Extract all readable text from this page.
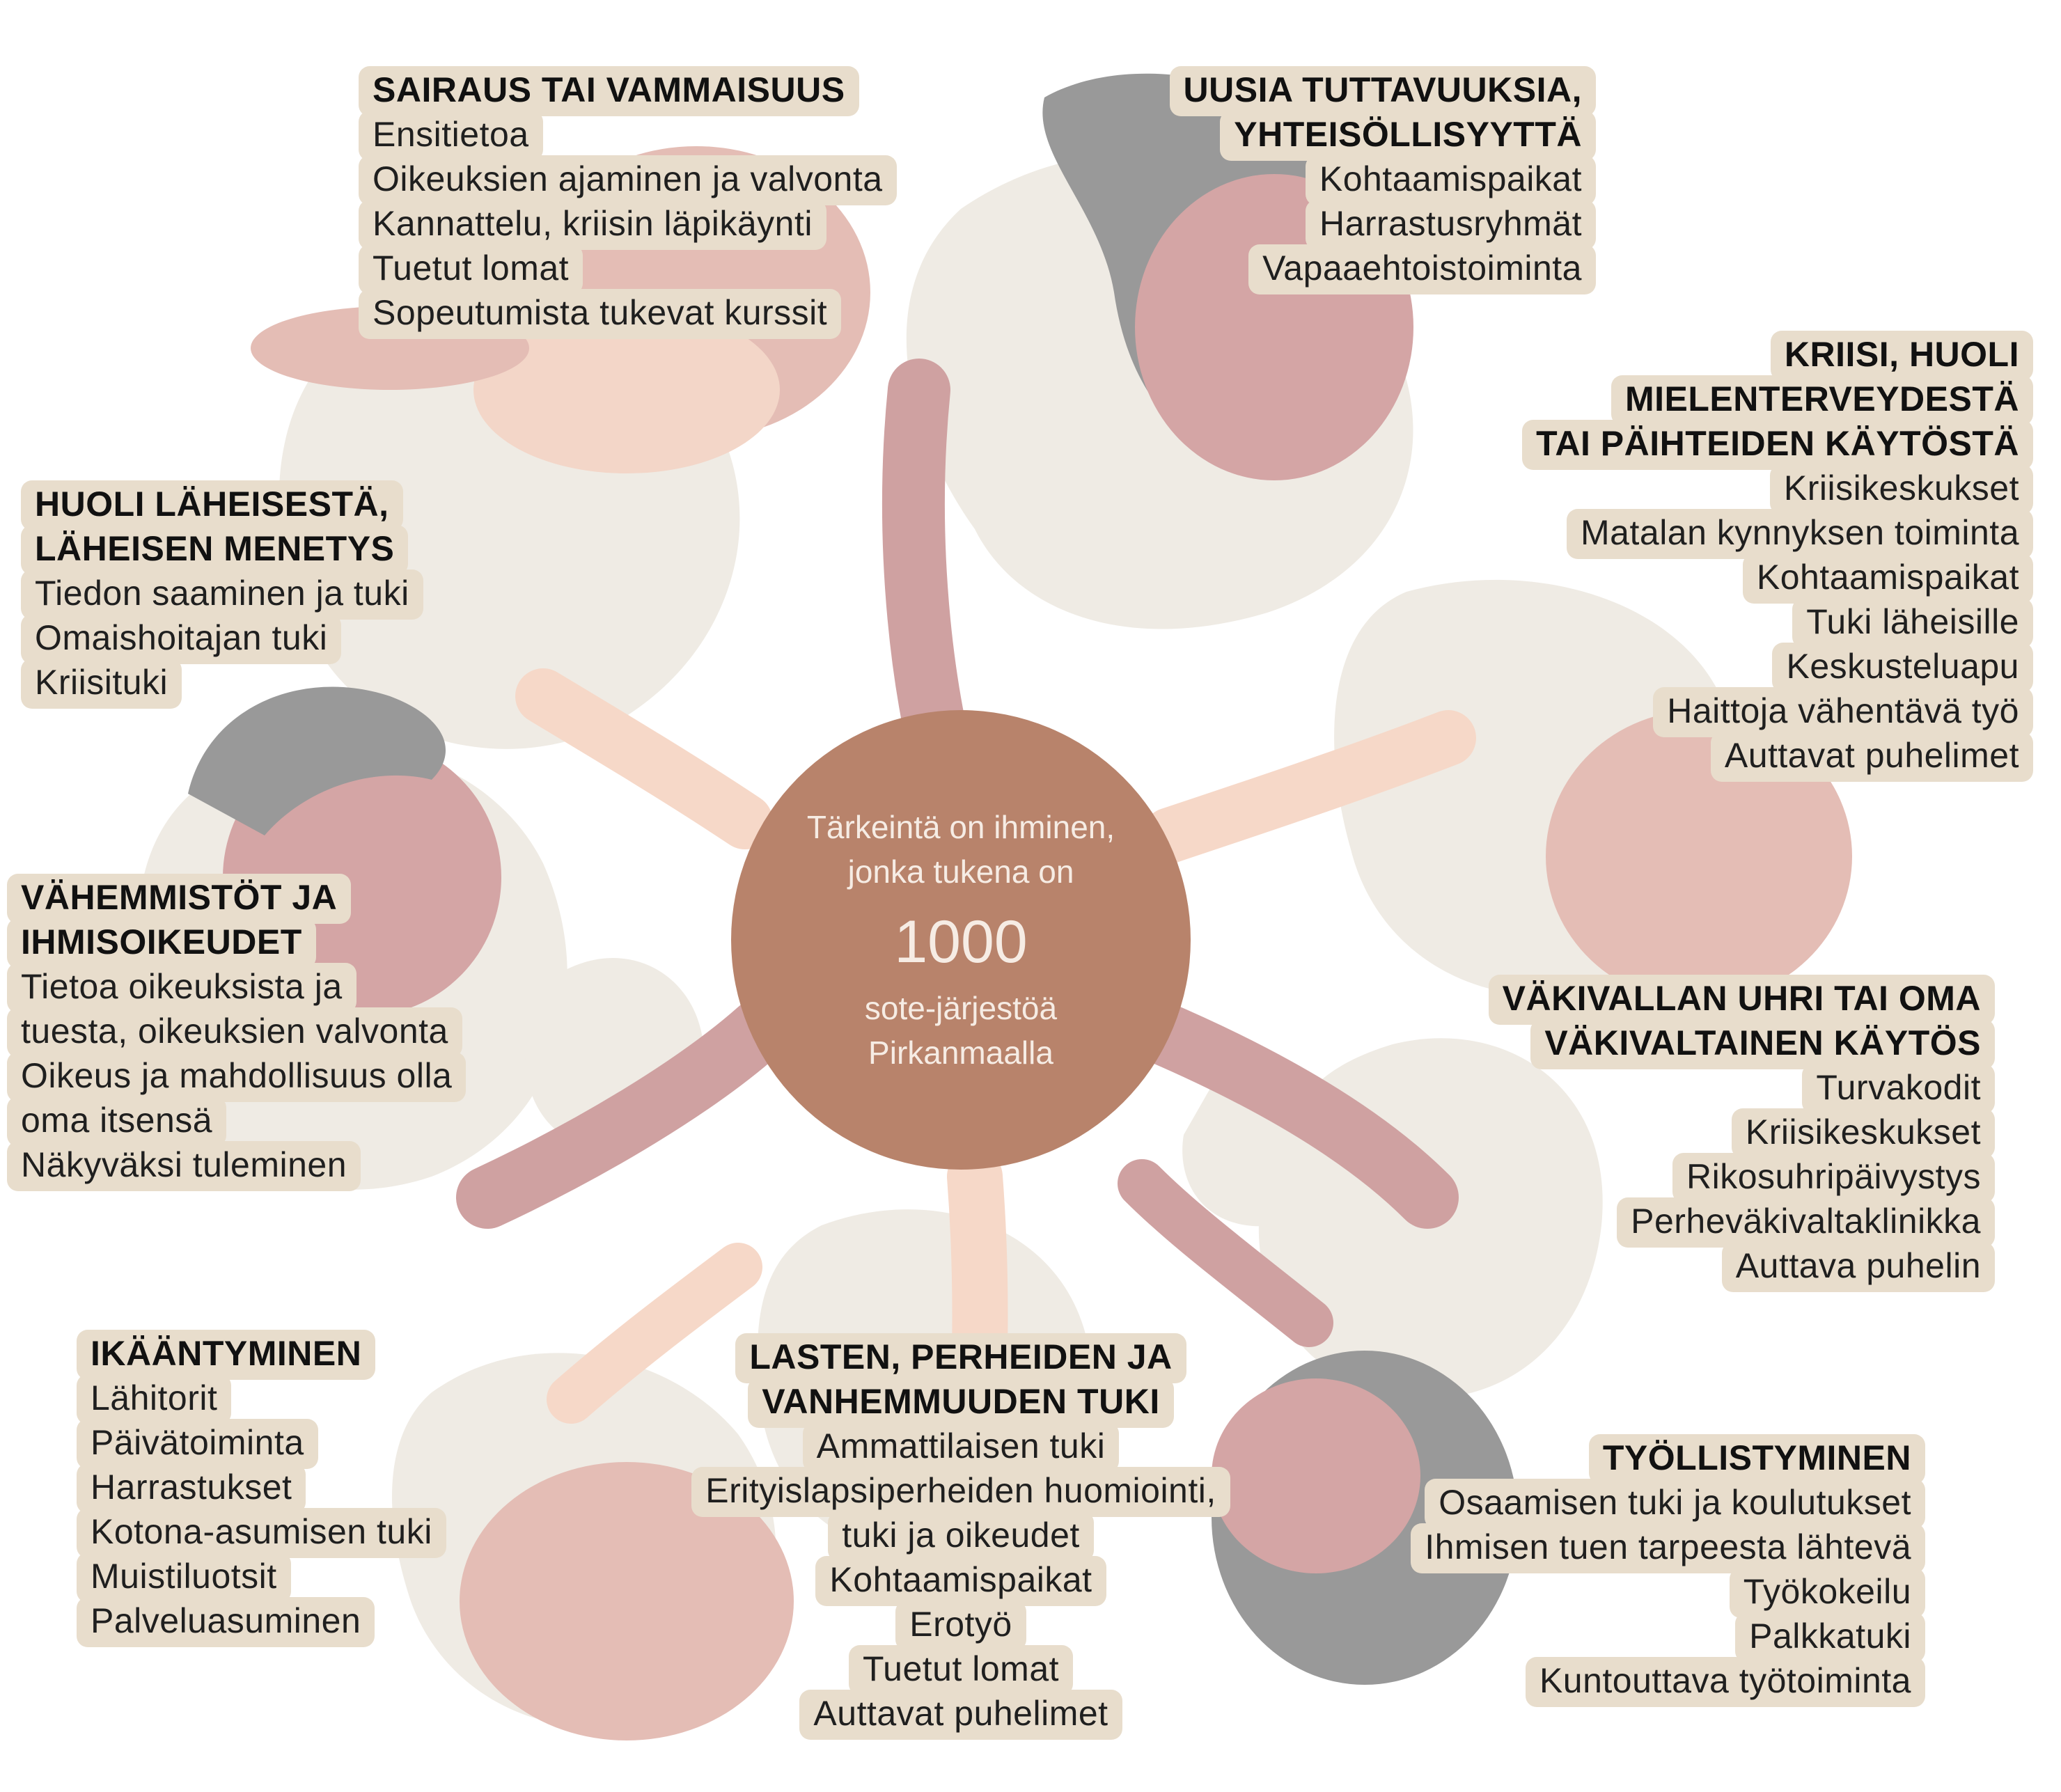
Tärkeintä on ihminen,
jonka tukena on
1000
sote-järjestöä
Pirkanmaalla
SAIRAUS TAI VAMMAISUUS
Ensitietoa
Oikeuksien ajaminen ja valvonta
Kannattelu, kriisin läpikäynti
Tuetut lomat
Sopeutumista tukevat kurssit
UUSIA TUTTAVUUKSIA,
YHTEISÖLLISYYTTÄ
Kohtaamispaikat
Harrastusryhmät
Vapaaehtoistoiminta
KRIISI, HUOLI
MIELENTERVEYDESTÄ
TAI PÄIHTEIDEN KÄYTÖSTÄ
Kriisikeskukset
Matalan kynnyksen toiminta
Kohtaamispaikat
Tuki läheisille
Keskusteluapu
Haittoja vähentävä työ
Auttavat puhelimet
HUOLI LÄHEISESTÄ,
LÄHEISEN MENETYS
Tiedon saaminen ja tuki
Omaishoitajan tuki
Kriisituki
VÄHEMMISTÖT JA
IHMISOIKEUDET
Tietoa oikeuksista ja
tuesta, oikeuksien valvonta
Oikeus ja mahdollisuus olla
oma itsensä
Näkyväksi tuleminen
VÄKIVALLAN UHRI TAI OMA
VÄKIVALTAINEN KÄYTÖS
Turvakodit
Kriisikeskukset
Rikosuhripäivystys
Perheväkivaltaklinikka
Auttava puhelin
IKÄÄNTYMINEN
Lähitorit
Päivätoiminta
Harrastukset
Kotona-asumisen tuki
Muistiluotsit
Palveluasuminen
LASTEN, PERHEIDEN JA
VANHEMMUUDEN TUKI
Ammattilaisen tuki
Erityislapsiperheiden huomiointi,
tuki ja oikeudet
Kohtaamispaikat
Erotyö
Tuetut lomat
Auttavat puhelimet
TYÖLLISTYMINEN
Osaamisen tuki ja koulutukset
Ihmisen tuen tarpeesta lähtevä
Työkokeilu
Palkkatuki
Kuntouttava työtoiminta
